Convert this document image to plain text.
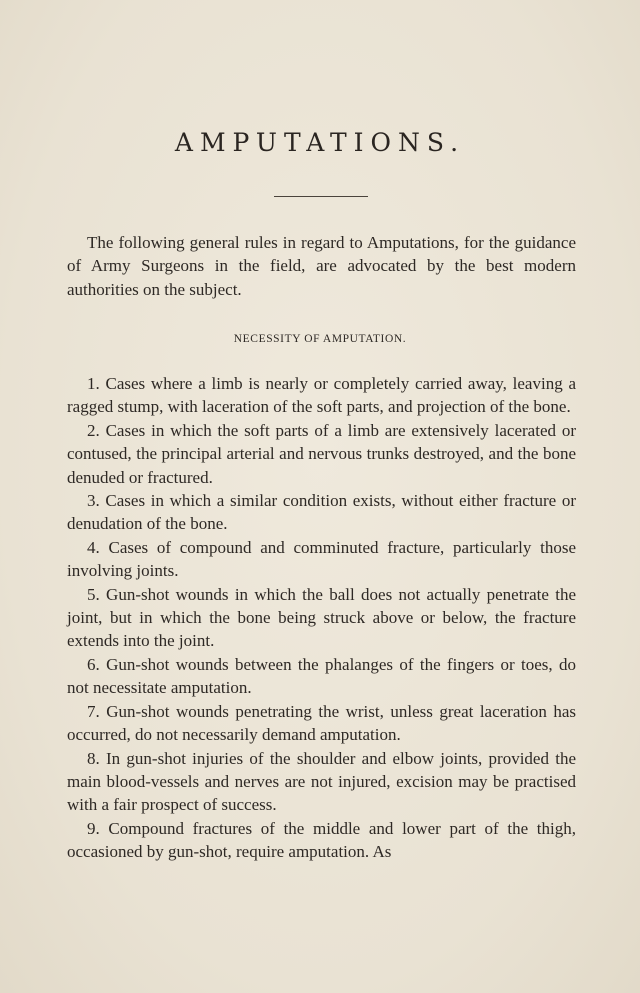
AMPUTATIONS.
The following general rules in regard to Amputations, for the guidance of Army Surgeons in the field, are advocated by the best modern authorities on the subject.
NECESSITY OF AMPUTATION.

1. Cases where a limb is nearly or completely carried away, leaving a ragged stump, with laceration of the soft parts, and projection of the bone.

2. Cases in which the soft parts of a limb are extensively lacerated or contused, the principal arterial and nervous trunks destroyed, and the bone denuded or fractured.

3. Cases in which a similar condition exists, without either fracture or denudation of the bone.

4. Cases of compound and comminuted fracture, particularly those involving joints.

5. Gun-shot wounds in which the ball does not actually penetrate the joint, but in which the bone being struck above or below, the fracture extends into the joint.

6. Gun-shot wounds between the phalanges of the fingers or toes, do not necessitate amputation.

7. Gun-shot wounds penetrating the wrist, unless great laceration has occurred, do not necessarily demand amputation.

8. In gun-shot injuries of the shoulder and elbow joints, provided the main blood-vessels and nerves are not injured, excision may be practised with a fair prospect of success.

9. Compound fractures of the middle and lower part of the thigh, occasioned by gun-shot, require amputation. As
